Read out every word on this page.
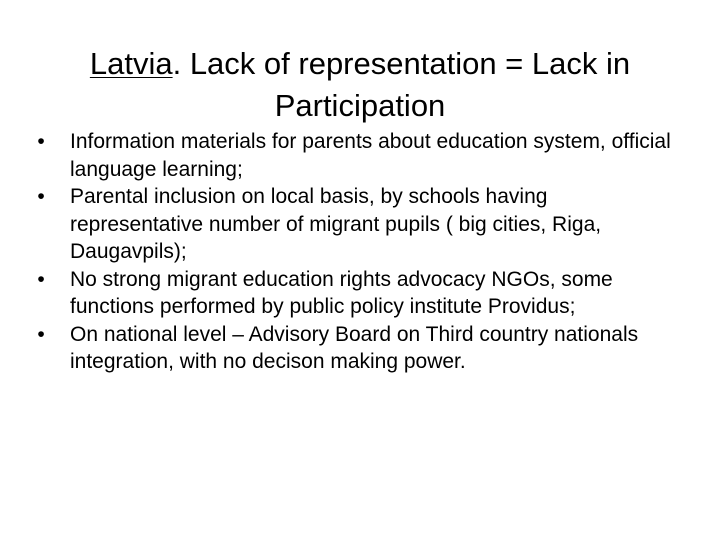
Latvia. Lack of representation = Lack in Participation
• Information materials for parents about education system, official language learning;
• Parental inclusion on local basis, by schools having representative number of migrant pupils ( big cities, Riga, Daugavpils);
• No strong migrant education rights advocacy NGOs, some functions performed by public policy institute Providus;
• On national level – Advisory Board on Third country nationals integration, with no decison making power.
